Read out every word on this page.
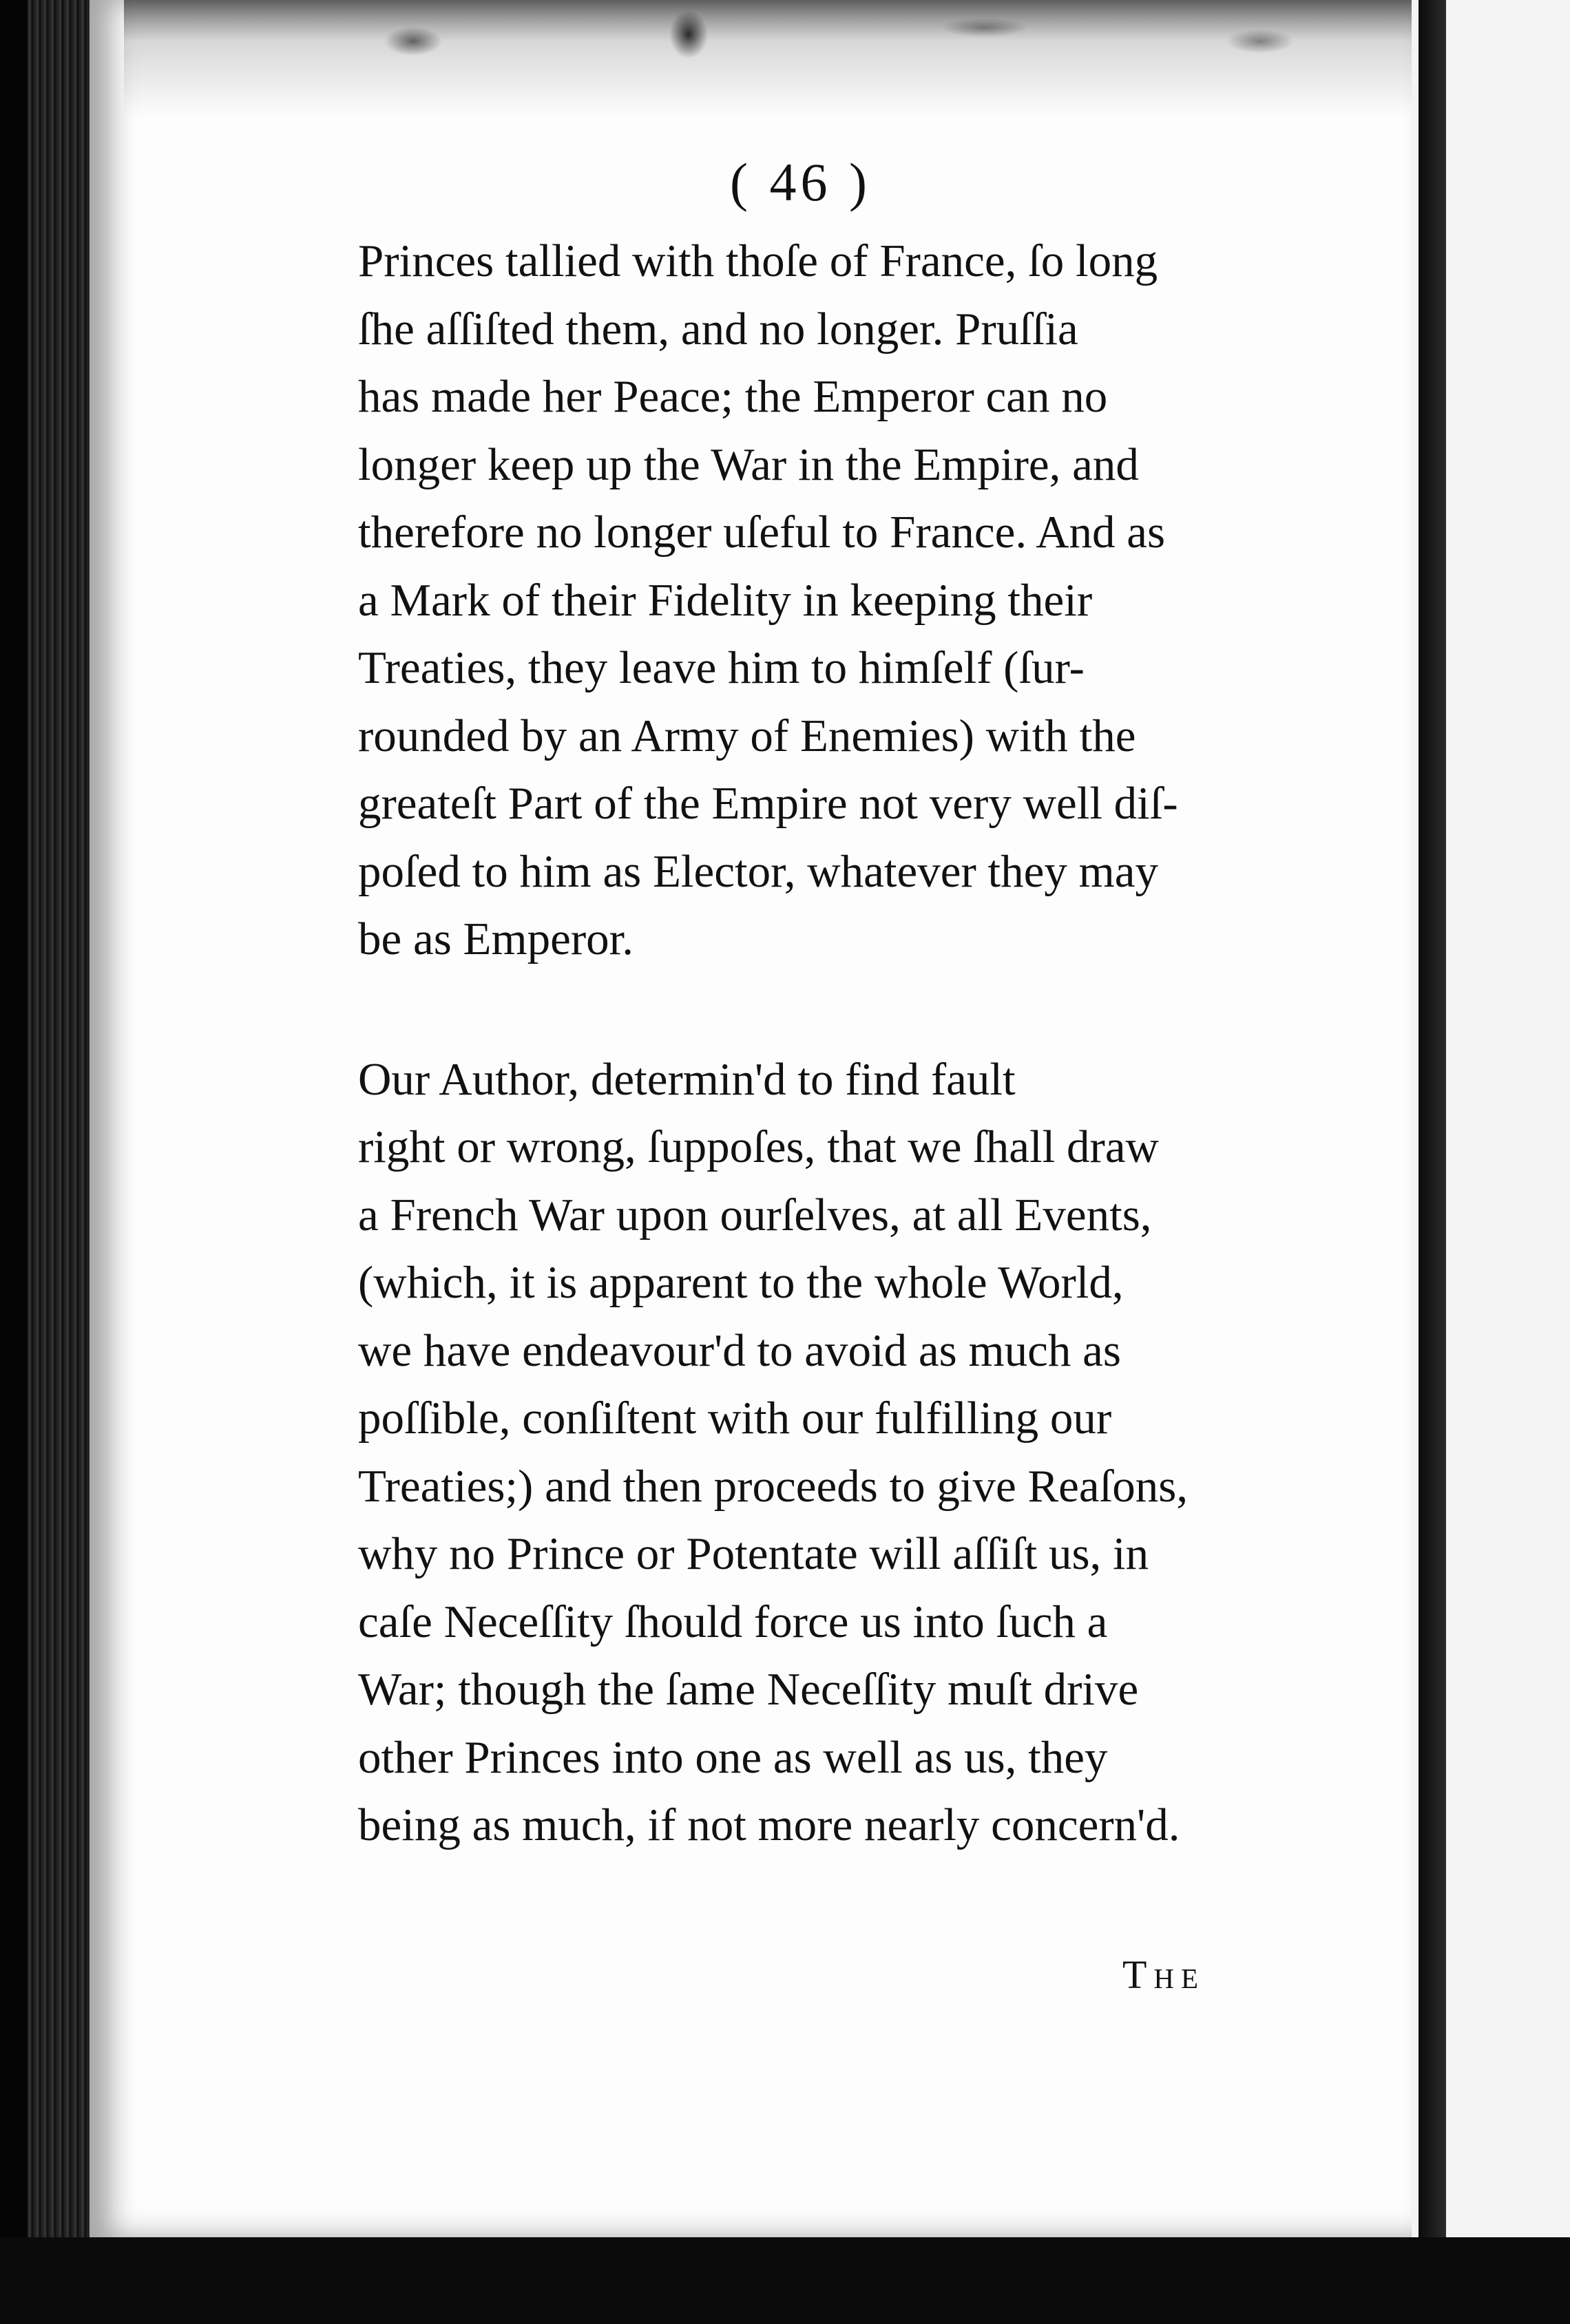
( 46 )
Princes tallied with thoſe of France, ſo long
ſhe aſſiſted them, and no longer. Pruſſia
has made her Peace; the Emperor can no
longer keep up the War in the Empire, and
therefore no longer uſeful to France. And as
a Mark of their Fidelity in keeping their
Treaties, they leave him to himſelf (ſur-
rounded by an Army of Enemies) with the
greateſt Part of the Empire not very well diſ-
poſed to him as Elector, whatever they may
be as Emperor.
Our Author, determin'd to find fault
right or wrong, ſuppoſes, that we ſhall draw
a French War upon ourſelves, at all Events,
(which, it is apparent to the whole World,
we have endeavour'd to avoid as much as
poſſible, conſiſtent with our fulfilling our
Treaties;) and then proceeds to give Reaſons,
why no Prince or Potentate will aſſiſt us, in
caſe Neceſſity ſhould force us into ſuch a
War; though the ſame Neceſſity muſt drive
other Princes into one as well as us, they
being as much, if not more nearly concern'd.
The
